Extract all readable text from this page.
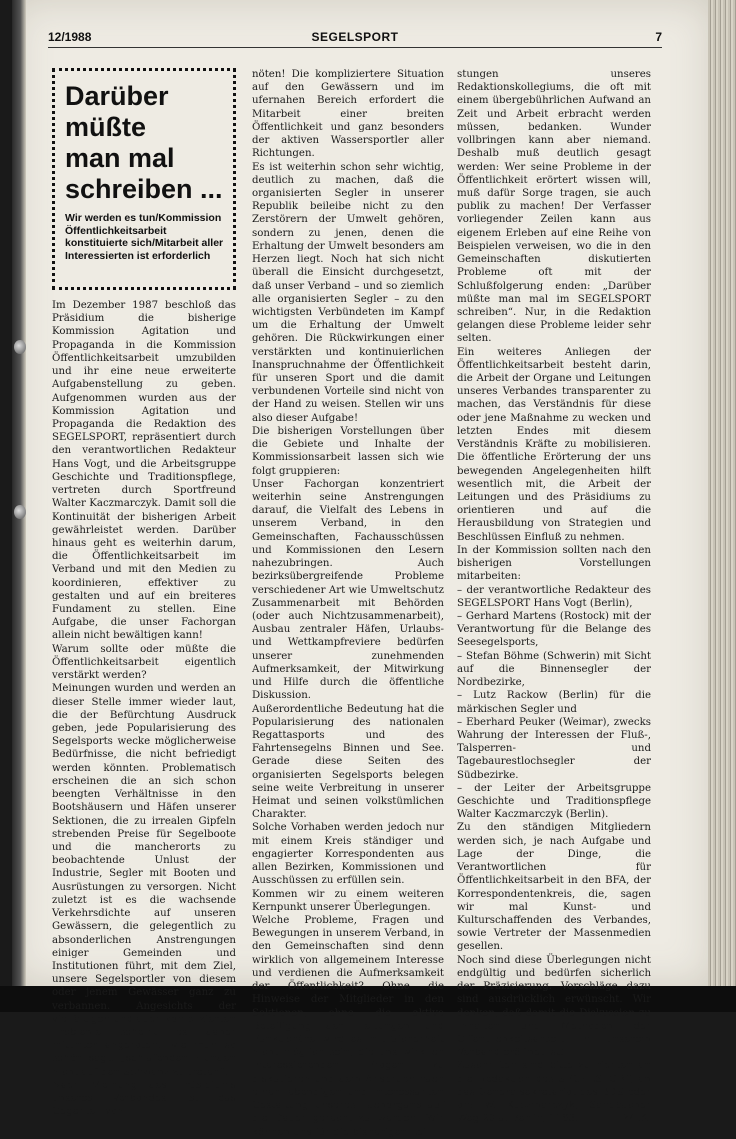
12/1988	SEGELSPORT	7
Darüber
müßte
man mal
schreiben ...
Wir werden es tun/Kommission Öffentlichkeitsarbeit konstituierte sich/Mitarbeit aller Interessierten ist erforderlich

Im Dezember 1987 beschloß das Präsidium die bisherige Kommission Agitation und Propaganda in die Kommission Öffentlichkeitsarbeit umzubilden und ihr eine neue erweiterte Aufgabenstellung zu geben. Aufgenommen wurden aus der Kommission Agitation und Propaganda die Redaktion des SEGELSPORT, repräsentiert durch den verantwortlichen Redakteur Hans Vogt, und die Arbeitsgruppe Geschichte und Traditionspflege, vertreten durch Sportfreund Walter Kaczmarczyk. Damit soll die Kontinuität der bisherigen Arbeit gewährleistet werden. Darüber hinaus geht es weiterhin darum, die Öffentlichkeitsarbeit im Verband und mit den Medien zu koordinieren, effektiver zu gestalten und auf ein breiteres Fundament zu stellen. Eine Aufgabe, die unser Fachorgan allein nicht bewältigen kann!

Warum sollte oder müßte die Öffentlichkeitsarbeit eigentlich verstärkt werden?

Meinungen wurden und werden an dieser Stelle immer wieder laut, die der Befürchtung Ausdruck geben, jede Popularisierung des Segelsports wecke möglicherweise Bedürfnisse, die nicht befriedigt werden könnten. Problematisch erscheinen die an sich schon beengten Verhältnisse in den Bootshäusern und Häfen unserer Sektionen, die zu irrealen Gipfeln strebenden Preise für Segelboote und die mancherorts zu beobachtende Unlust der Industrie, Segler mit Booten und Ausrüstungen zu versorgen. Nicht zuletzt ist es die wachsende Verkehrsdichte auf unseren Gewässern, die gelegentlich zu absonderlichen Anstrengungen einiger Gemeinden und Institutionen führt, mit dem Ziel, unsere Segelsportler von diesem oder jenem Gewässer ganz zu verbannen. Angesichts der vielfältigen und auch komplizierten Probleme scheint es daher mitunter angeraten, wie man so schön sagt, „schlafenden Hunden nicht auf den Schwanz zu treten“.

Nach Meinung des Präsidiums unseres Verbandes ist das Gegenteil von-

nöten! Die kompliziertere Situation auf den Gewässern und im ufernahen Bereich erfordert die Mitarbeit einer breiten Öffentlichkeit und ganz besonders der aktiven Wassersportler aller Richtungen.

Es ist weiterhin schon sehr wichtig, deutlich zu machen, daß die organisierten Segler in unserer Republik beileibe nicht zu den Zerstörern der Umwelt gehören, sondern zu jenen, denen die Erhaltung der Umwelt besonders am Herzen liegt. Noch hat sich nicht überall die Einsicht durchgesetzt, daß unser Verband – und so ziemlich alle organisierten Segler – zu den wichtigsten Verbündeten im Kampf um die Erhaltung der Umwelt gehören. Die Rückwirkungen einer verstärkten und kontinuierlichen Inanspruchnahme der Öffentlichkeit für unseren Sport und die damit verbundenen Vorteile sind nicht von der Hand zu weisen. Stellen wir uns also dieser Aufgabe!

Die bisherigen Vorstellungen über die Gebiete und Inhalte der Kommissionsarbeit lassen sich wie folgt gruppieren:

Unser Fachorgan konzentriert weiterhin seine Anstrengungen darauf, die Vielfalt des Lebens in unserem Verband, in den Gemeinschaften, Fachausschüssen und Kommissionen den Lesern nahezubringen. Auch bezirksübergreifende Probleme verschiedener Art wie Umweltschutz Zusammenarbeit mit Behörden (oder auch Nichtzusammenarbeit), Ausbau zentraler Häfen, Urlaubs- und Wettkampfreviere bedürfen unserer zunehmenden Aufmerksamkeit, der Mitwirkung und Hilfe durch die öffentliche Diskussion.

Außerordentliche Bedeutung hat die Popularisierung des nationalen Regattasports und des Fahrtensegelns Binnen und See. Gerade diese Seiten des organisierten Segelsports belegen seine weite Verbreitung in unserer Heimat und seinen volkstümlichen Charakter.

Solche Vorhaben werden jedoch nur mit einem Kreis ständiger und engagierter Korrespondenten aus allen Bezirken, Kommissionen und Ausschüssen zu erfüllen sein.

Kommen wir zu einem weiteren Kernpunkt unserer Überlegungen.

Welche Probleme, Fragen und Bewegungen in unserem Verband, in den Gemeinschaften sind denn wirklich von allgemeinem Interesse und verdienen die Aufmerksamkeit der Öffentlichkeit? Ohne die Hinweise der Mitglieder in den Sektionen, ohne die aktive Beteiligung der Leitungen und Funktionäre wird es mit Sicherheit nicht möglich sein, die uns wirklich interessierenden Fragen zu diskutieren und dem Anspruch nach einer lebendigen und interessanten Gestaltung unseres Fachorgans auf die Dauer gerecht zu werden. Wir können uns für die bisherigen Lei-

stungen unseres Redaktionskollegiums, die oft mit einem übergebührlichen Aufwand an Zeit und Arbeit erbracht werden müssen, bedanken. Wunder vollbringen kann aber niemand. Deshalb muß deutlich gesagt werden: Wer seine Probleme in der Öffentlichkeit erörtert wissen will, muß dafür Sorge tragen, sie auch publik zu machen! Der Verfasser vorliegender Zeilen kann aus eigenem Erleben auf eine Reihe von Beispielen verweisen, wo die in den Gemeinschaften diskutierten Probleme oft mit der Schlußfolgerung enden: „Darüber müßte man mal im SEGELSPORT schreiben“. Nur, in die Redaktion gelangen diese Probleme leider sehr selten.

Ein weiteres Anliegen der Öffentlichkeitsarbeit besteht darin, die Arbeit der Organe und Leitungen unseres Verbandes transparenter zu machen, das Verständnis für diese oder jene Maßnahme zu wecken und letzten Endes mit diesem Verständnis Kräfte zu mobilisieren. Die öffentliche Erörterung der uns bewegenden Angelegenheiten hilft wesentlich mit, die Arbeit der Leitungen und des Präsidiums zu orientieren und auf die Herausbildung von Strategien und Beschlüssen Einfluß zu nehmen.

In der Kommission sollten nach den bisherigen Vorstellungen mitarbeiten:

– der verantwortliche Redakteur des SEGELSPORT Hans Vogt (Berlin),

– Gerhard Martens (Rostock) mit der Verantwortung für die Belange des Seesegelsports,

– Stefan Böhme (Schwerin) mit Sicht auf die Binnensegler der Nordbezirke,

– Lutz Rackow (Berlin) für die märkischen Segler und

– Eberhard Peuker (Weimar), zwecks Wahrung der Interessen der Fluß-, Talsperren- und Tagebaurestlochsegler der Südbezirke.

– der Leiter der Arbeitsgruppe Geschichte und Traditionspflege Walter Kaczmarczyk (Berlin).

Zu den ständigen Mitgliedern werden sich, je nach Aufgabe und Lage der Dinge, die Verantwortlichen für Öffentlichkeitsarbeit in den BFA, der Korrespondentenkreis, die, sagen wir mal Kunst- und Kulturschaffenden des Verbandes, sowie Vertreter der Massenmedien gesellen.

Noch sind diese Überlegungen nicht endgültig und bedürfen sicherlich der Präzisierung. Vorschläge dazu sind ausdrücklich erwünscht. Wir denken, daß damit die Diskussion zu Inhalten und Methoden der Öffentlichkeitsarbeit in unserem Verband eröffnet ist!

Zuschriften sind bitte zu richten an die Redaktion des SEGELSPORT, an das Generalsekretariat des BDS oder an: W. Kaczmarczyk, Sandbacher Weg 20 a, Berlin, 1183.	W. K.
